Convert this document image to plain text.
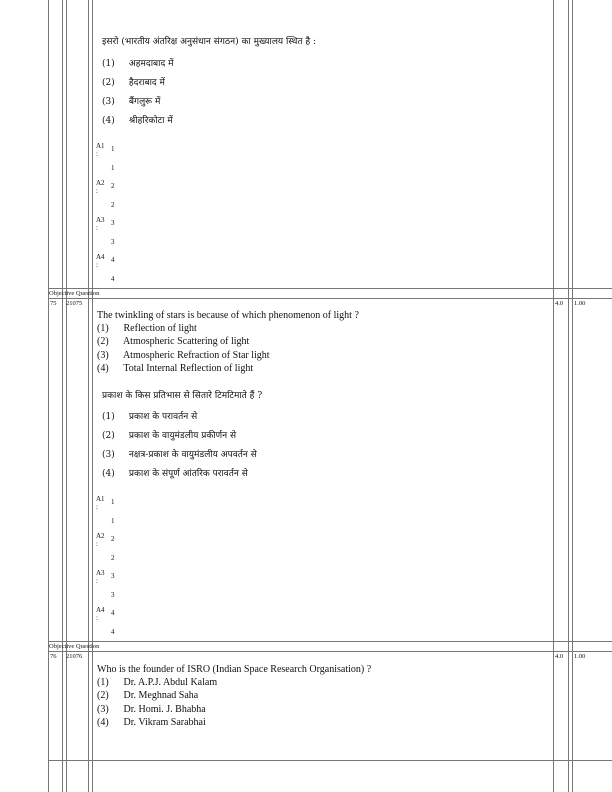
इसरो (भारतीय अंतरिक्ष अनुसंधान संगठन) का मुख्यालय स्थित है :
(1) अहमदाबाद में
(2) हैदराबाद में
(3) बैंगलुरू में
(4) श्रीहरिकोटा में
A1
:
1
1
A2
:
2
2
A3
:
3
3
A4
:
4
4
Objective Question
75 21075	4.0 1.00
The twinkling of stars is because of which phenomenon of light ?
(1) Reflection of light
(2) Atmospheric Scattering of light
(3) Atmospheric Refraction of Star light
(4) Total Internal Reflection of light
प्रकाश के किस प्रतिभास से सितारे टिमटिमाते हैं ?
(1) प्रकाश के परावर्तन से
(2) प्रकाश के वायुमंडलीय प्रकीर्णन से
(3) नक्षत्र-प्रकाश के वायुमंडलीय अपवर्तन से
(4) प्रकाश के संपूर्ण आंतरिक परावर्तन से
A1
:
1
1
A2
:
2
2
A3
:
3
3
A4
:
4
4
Objective Question
76 21076	4.0 1.00
Who is the founder of ISRO (Indian Space Research Organisation) ?
(1) Dr. A.P.J. Abdul Kalam
(2) Dr. Meghnad Saha
(3) Dr. Homi. J. Bhabha
(4) Dr. Vikram Sarabhai
